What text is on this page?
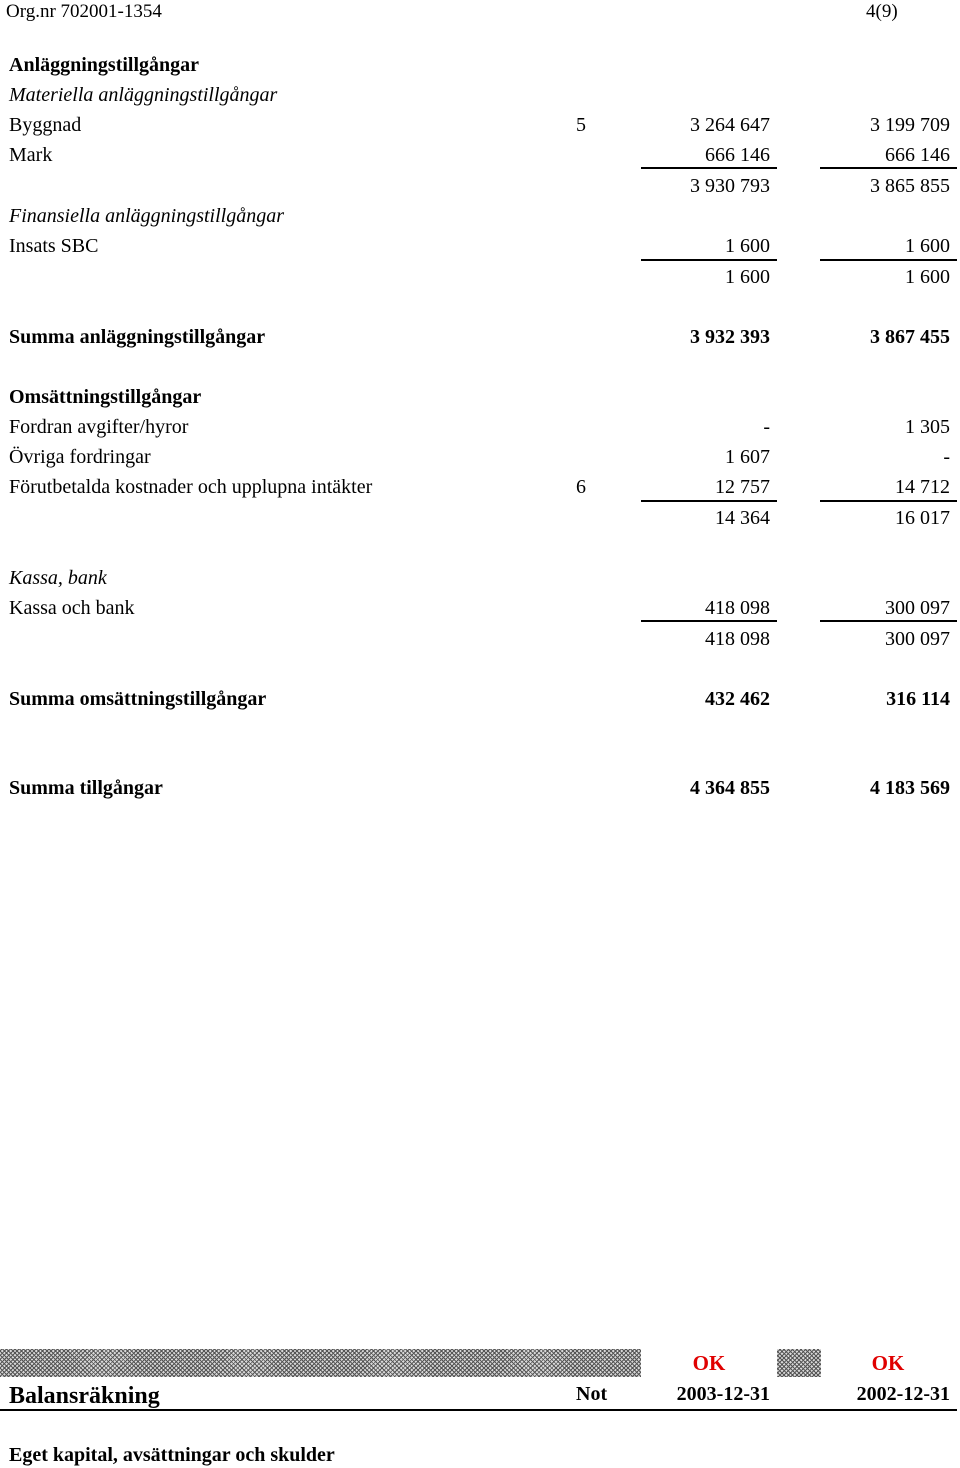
Org.nr 702001-1354	4(9)
Anläggningstillgångar
Materiella anläggningstillgångar
Byggnad	5	3 264 647	3 199 709
Mark	666 146	666 146
3 930 793	3 865 855
Finansiella anläggningstillgångar
Insats SBC	1 600	1 600
1 600	1 600
Summa anläggningstillgångar	3 932 393	3 867 455
Omsättningstillgångar
Fordran avgifter/hyror	-	1 305
Övriga fordringar	1 607	-
Förutbetalda kostnader och upplupna intäkter	6	12 757	14 712
14 364	16 017
Kassa, bank
Kassa och bank	418 098	300 097
418 098	300 097
Summa omsättningstillgångar	432 462	316 114
Summa tillgångar	4 364 855	4 183 569
OK	OK
Balansräkning	Not	2003-12-31	2002-12-31
Eget kapital, avsättningar och skulder
